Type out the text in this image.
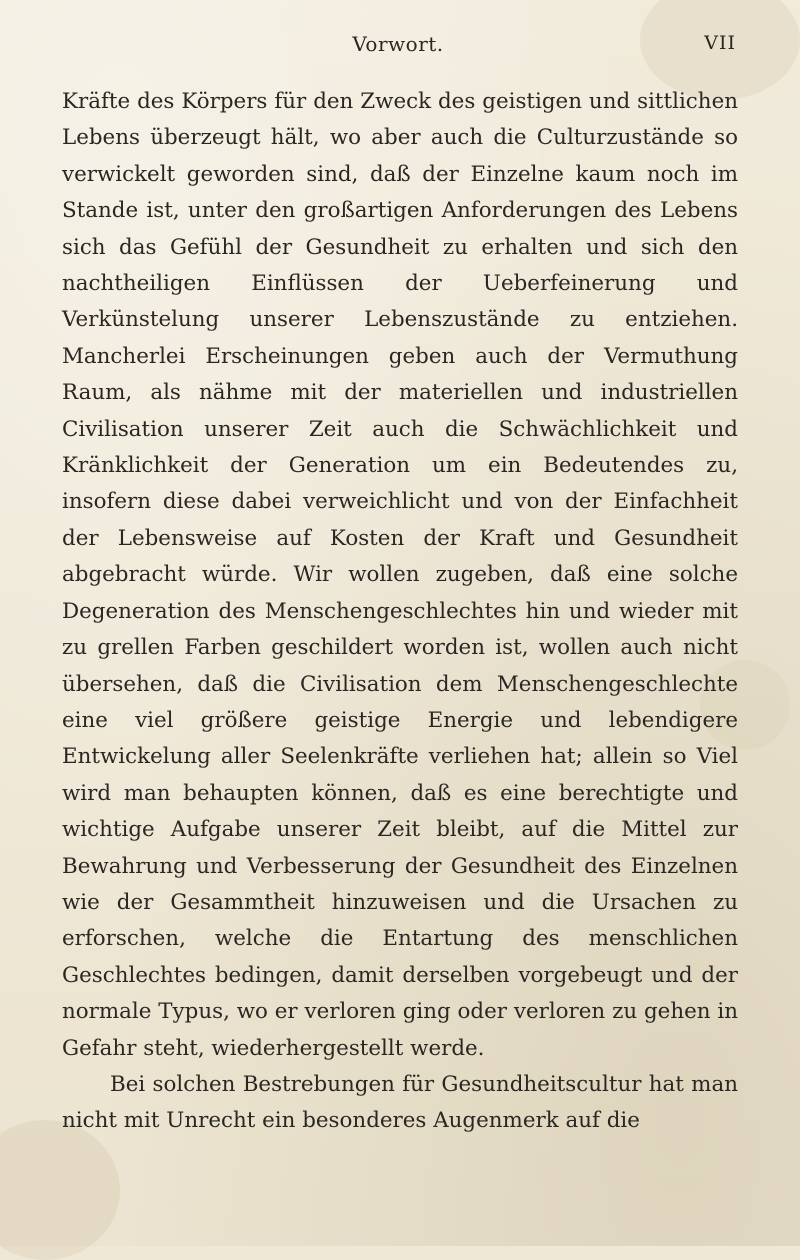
Vorwort.	VII

Kräfte des Körpers für den Zweck des geistigen und sittlichen Lebens überzeugt hält, wo aber auch die Culturzustände so verwickelt geworden sind, daß der Einzelne kaum noch im Stande ist, unter den großartigen Anforderungen des Lebens sich das Gefühl der Gesundheit zu erhalten und sich den nachtheiligen Einflüssen der Ueberfeinerung und Verkünstelung unserer Lebenszustände zu entziehen. Mancherlei Erscheinungen geben auch der Vermuthung Raum, als nähme mit der materiellen und industriellen Civilisation unserer Zeit auch die Schwächlichkeit und Kränklichkeit der Generation um ein Bedeutendes zu, insofern diese dabei verweichlicht und von der Einfachheit der Lebensweise auf Kosten der Kraft und Gesundheit abgebracht würde. Wir wollen zugeben, daß eine solche Degeneration des Menschengeschlechtes hin und wieder mit zu grellen Farben geschildert worden ist, wollen auch nicht übersehen, daß die Civilisation dem Menschengeschlechte eine viel größere geistige Energie und lebendigere Entwickelung aller Seelenkräfte verliehen hat; allein so Viel wird man behaupten können, daß es eine berechtigte und wichtige Aufgabe unserer Zeit bleibt, auf die Mittel zur Bewahrung und Verbesserung der Gesundheit des Einzelnen wie der Gesammtheit hinzuweisen und die Ursachen zu erforschen, welche die Entartung des menschlichen Geschlechtes bedingen, damit derselben vorgebeugt und der normale Typus, wo er verloren ging oder verloren zu gehen in Gefahr steht, wiederhergestellt werde.

Bei solchen Bestrebungen für Gesundheitscultur hat man nicht mit Unrecht ein besonderes Augenmerk auf die
